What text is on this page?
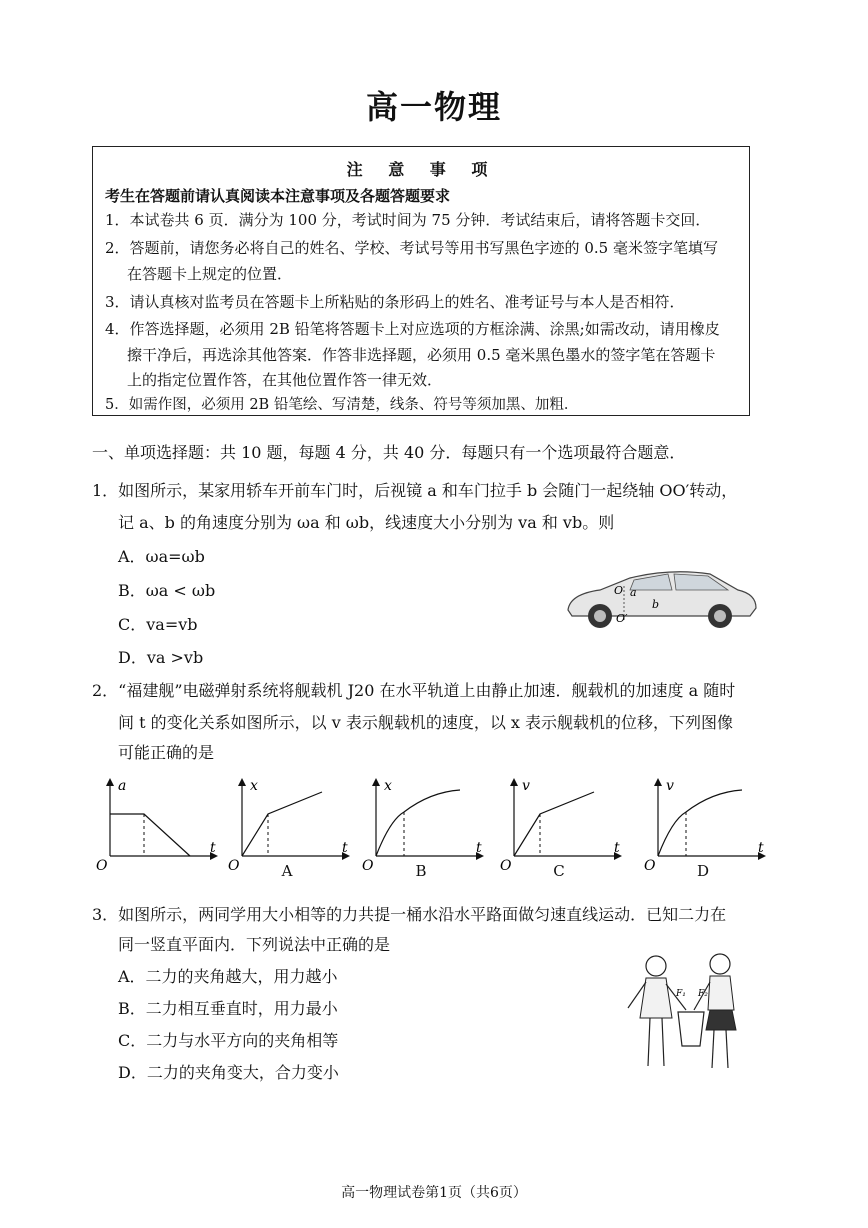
高一物理
注 意 事 项
考生在答题前请认真阅读本注意事项及各题答题要求
1．本试卷共 6 页．满分为 100 分，考试时间为 75 分钟．考试结束后，请将答题卡交回．
2．答题前，请您务必将自己的姓名、学校、考试号等用书写黑色字迹的 0.5 毫米签字笔填写
在答题卡上规定的位置．
3．请认真核对监考员在答题卡上所粘贴的条形码上的姓名、准考证号与本人是否相符．
4．作答选择题，必须用 2B 铅笔将答题卡上对应选项的方框涂满、涂黑;如需改动，请用橡皮
擦干净后，再选涂其他答案．作答非选择题，必须用 0.5 毫米黑色墨水的签字笔在答题卡
上的指定位置作答，在其他位置作答一律无效．
5．如需作图，必须用 2B 铅笔绘、写清楚，线条、符号等须加黑、加粗．
一、单项选择题：共 10 题，每题 4 分，共 40 分．每题只有一个选项最符合题意．
1．如图所示，某家用轿车开前车门时，后视镜 a 和车门拉手 b 会随门一起绕轴 OO′转动，
记 a、b 的角速度分别为 ωa 和 ωb，线速度大小分别为 va 和 vb。则
A．ωa=ωb
B．ωa < ωb
C．va=vb
D．va >vb
O a
b
O′
2．“福建舰”电磁弹射系统将舰载机 J20 在水平轨道上由静止加速．舰载机的加速度 a 随时
间 t 的变化关系如图所示，以 v 表示舰载机的速度，以 x 表示舰载机的位移，下列图像
可能正确的是
a
t
O
x
t
O	A
x
t
O	B
v
t
O	C
v
t
O	D
3．如图所示，两同学用大小相等的力共提一桶水沿水平路面做匀速直线运动．已知二力在
同一竖直平面内．下列说法中正确的是
A．二力的夹角越大，用力越小
B．二力相互垂直时，用力最小
C．二力与水平方向的夹角相等
D．二力的夹角变大，合力变小
F₁ F₂
高一物理试卷第1页（共6页）
